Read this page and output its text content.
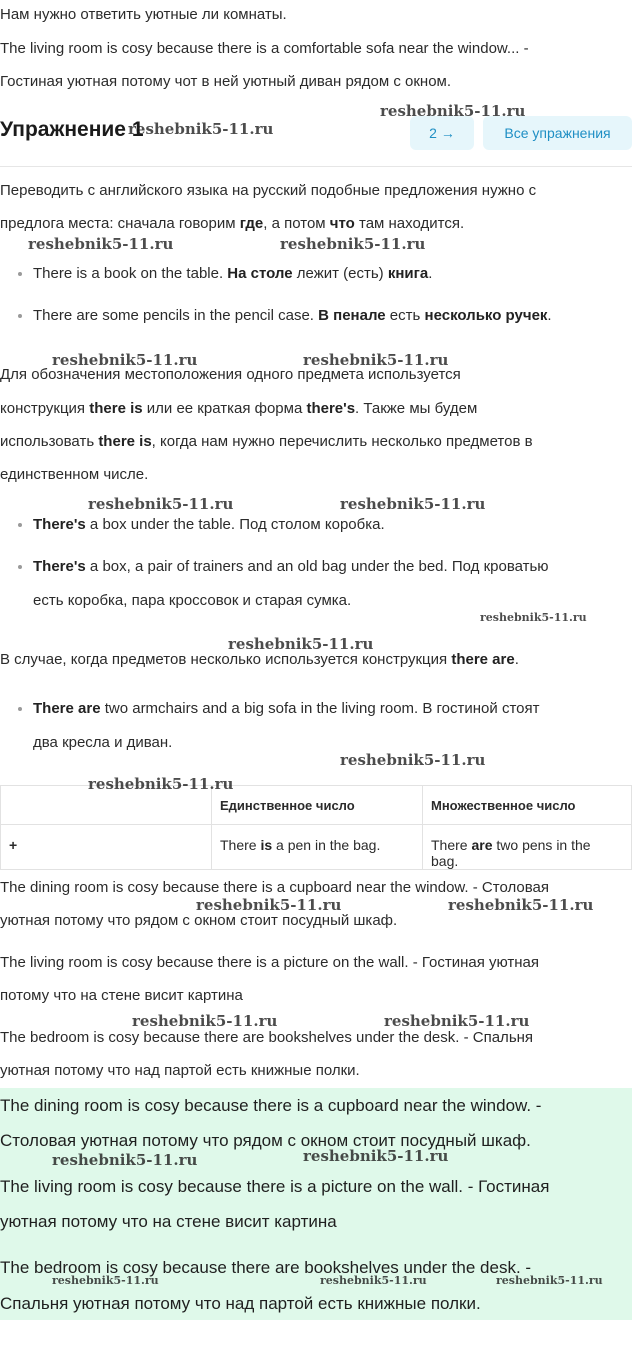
Нам нужно ответить уютные ли комнаты.
The living room is cosy because there is a comfortable sofa near the window... -
Гостиная уютная потому чот в ней уютный диван рядом с окном.
Упражнение 1	2 →	Все упражнения
Переводить с английского языка на русский подобные предложения нужно с
предлога места: сначала говорим где, а потом что там находится.
There is a book on the table. На столе лежит (есть) книга.
There are some pencils in the pencil case. В пенале есть несколько ручек.
Для обозначения местоположения одного предмета используется
конструкция there is или ее краткая форма there's. Также мы будем
использовать there is, когда нам нужно перечислить несколько предметов в
единственном числе.
There's a box under the table. Под столом коробка.
There's a box, a pair of trainers and an old bag under the bed. Под кроватью
есть коробка, пара кроссовок и старая сумка.
В случае, когда предметов несколько используется конструкция there are.
There are two armchairs and a big sofa in the living room. В гостиной стоят
два кресла и диван.
	Единственное число	Множественное число
+	There is a pen in the bag.	There are two pens in the
bag.
The dining room is cosy because there is a cupboard near the window. - Столовая
уютная потому что рядом с окном стоит посудный шкаф.
The living room is cosy because there is a picture on the wall. - Гостиная уютная
потому что на стене висит картина
The bedroom is cosy because there are bookshelves under the desk. - Спальня
уютная потому что над партой есть книжные полки.
The dining room is cosy because there is a cupboard near the window. -
Столовая уютная потому что рядом с окном стоит посудный шкаф.
The living room is cosy because there is a picture on the wall. - Гостиная
уютная потому что на стене висит картина
The bedroom is cosy because there are bookshelves under the desk. -
Спальня уютная потому что над партой есть книжные полки.
reshebnik5-11.ru
reshebnik5-11.ru
reshebnik5-11.ru	reshebnik5-11.ru
reshebnik5-11.ru	reshebnik5-11.ru
reshebnik5-11.ru	reshebnik5-11.ru
reshebnik5-11.ru
reshebnik5-11.ru
reshebnik5-11.ru
reshebnik5-11.ru
reshebnik5-11.ru	reshebnik5-11.ru
reshebnik5-11.ru	reshebnik5-11.ru
reshebnik5-11.ru	reshebnik5-11.ru
reshebnik5-11.ru	reshebnik5-11.ru	reshebnik5-11.ru
